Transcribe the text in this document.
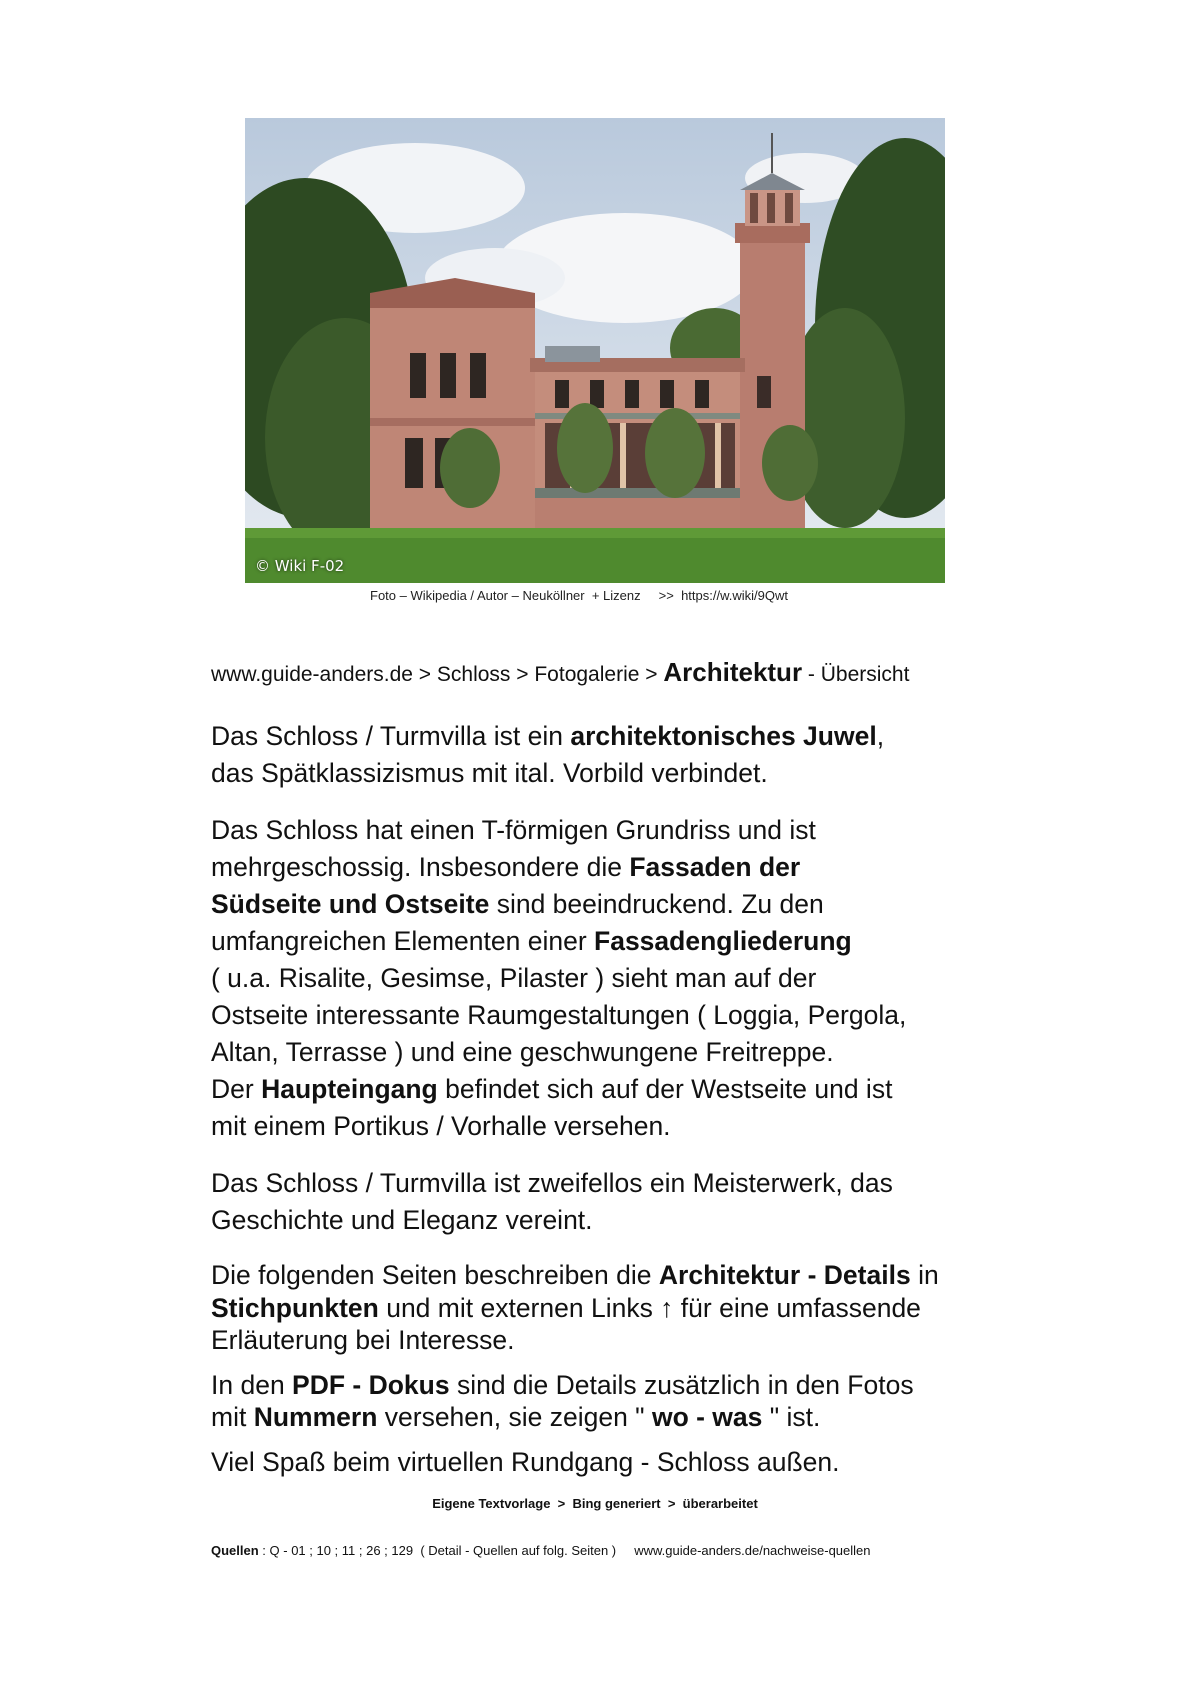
© Wiki F-02
Foto – Wikipedia / Autor – Neuköllner  + Lizenz     >>  https://w.wiki/9Qwt
www.guide-anders.de > Schloss > Fotogalerie > Architektur - Übersicht

Das Schloss / Turmvilla ist ein architektonisches Juwel,
das Spätklassizismus mit ital. Vorbild verbindet.

Das Schloss hat einen T-förmigen Grundriss und ist
mehrgeschossig. Insbesondere die Fassaden der
Südseite und Ostseite sind beeindruckend. Zu den
umfangreichen Elementen einer Fassadengliederung
( u.a. Risalite, Gesimse, Pilaster ) sieht man auf der
Ostseite interessante Raumgestaltungen ( Loggia, Pergola,
Altan, Terrasse ) und eine geschwungene Freitreppe.
Der Haupteingang befindet sich auf der Westseite und ist
mit einem Portikus / Vorhalle versehen.

Das Schloss / Turmvilla ist zweifellos ein Meisterwerk, das
Geschichte und Eleganz vereint.

Die folgenden Seiten beschreiben die Architektur - Details in
Stichpunkten und mit externen Links ↑ für eine umfassende
Erläuterung bei Interesse.

In den PDF - Dokus sind die Details zusätzlich in den Fotos
mit Nummern versehen, sie zeigen " wo - was " ist.

Viel Spaß beim virtuellen Rundgang - Schloss außen.

Eigene Textvorlage  >  Bing generiert  >  überarbeitet
Quellen : Q - 01 ; 10 ; 11 ; 26 ; 129  ( Detail - Quellen auf folg. Seiten )     www.guide-anders.de/nachweise-quellen
